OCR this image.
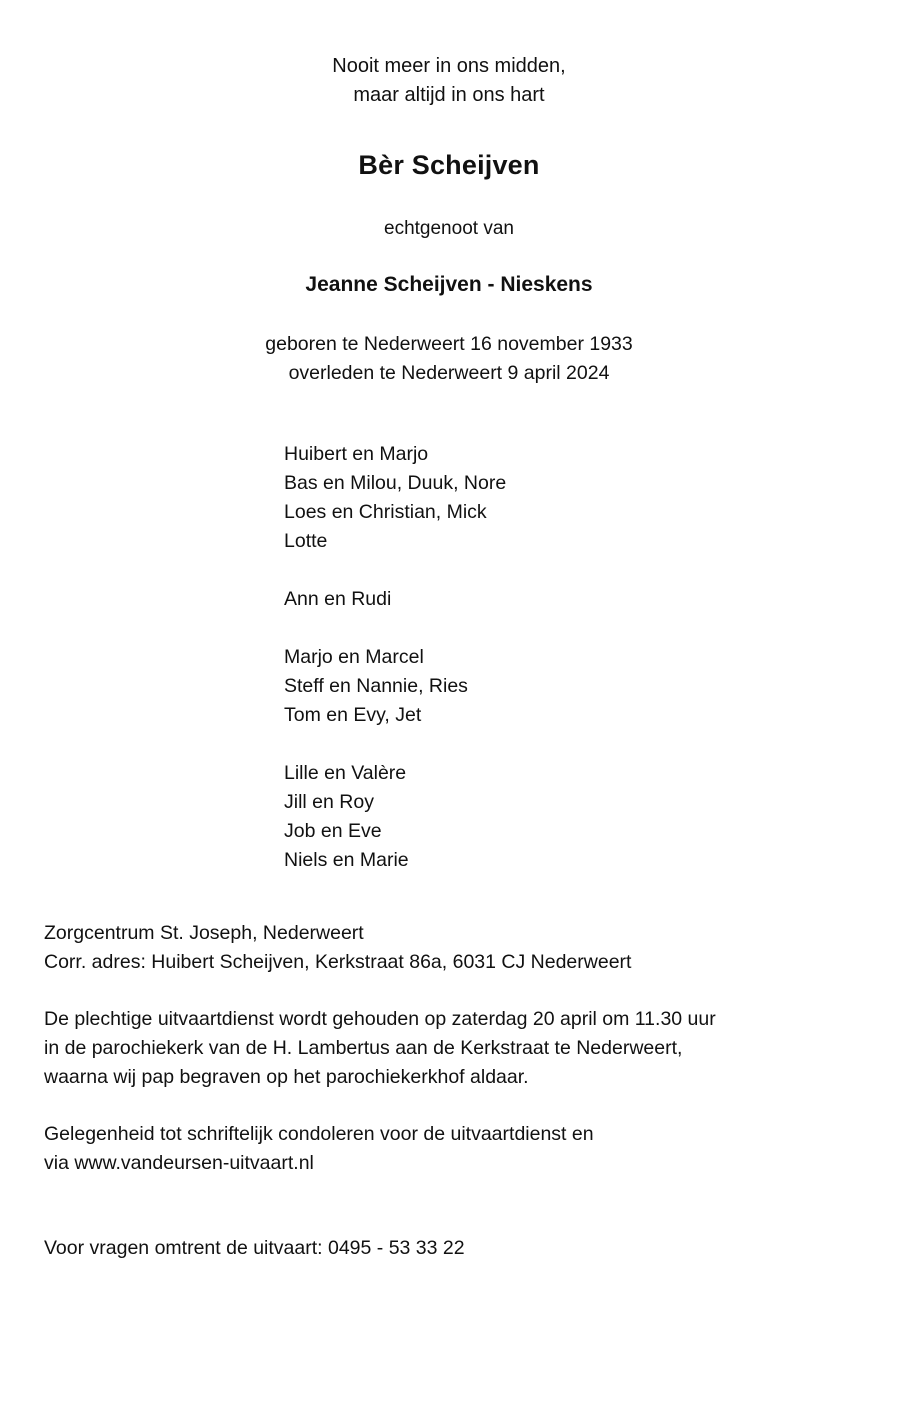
Nooit meer in ons midden,
maar altijd in ons hart
Bèr Scheijven
echtgenoot van
Jeanne Scheijven - Nieskens
geboren te Nederweert 16 november 1933
overleden te Nederweert 9 april 2024
Huibert en Marjo
Bas en Milou, Duuk, Nore
Loes en Christian, Mick
Lotte
Ann en Rudi
Marjo en Marcel
Steff en Nannie, Ries
Tom en Evy, Jet
Lille en Valère
Jill en Roy
Job en Eve
Niels en Marie
Zorgcentrum St. Joseph, Nederweert
Corr. adres: Huibert Scheijven, Kerkstraat 86a, 6031 CJ Nederweert
De plechtige uitvaartdienst wordt gehouden op zaterdag 20 april om 11.30 uur
in de parochiekerk van de H. Lambertus aan de Kerkstraat te Nederweert,
waarna wij pap begraven op het parochiekerkhof aldaar.
Gelegenheid tot schriftelijk condoleren voor de uitvaartdienst en
via www.vandeursen-uitvaart.nl
Voor vragen omtrent de uitvaart: 0495 - 53 33 22
